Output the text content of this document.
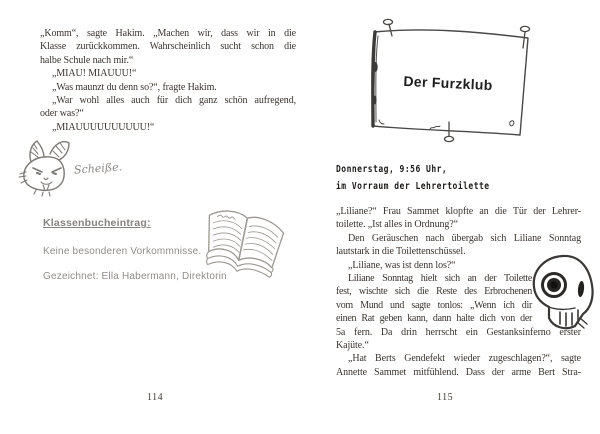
„Komm“, sagte Hakim. „Machen wir, dass wir in die
Klasse zurückkommen. Wahrscheinlich sucht schon die
halbe Schule nach mir.“
„MIAU! MIAUUU!“
„Was maunzt du denn so?“, fragte Hakim.
„War wohl alles auch für dich ganz schön aufregend,
oder was?“
„MIAUUUUUUUUUU!“
Scheiße.
Klassenbucheintrag:
Keine besonderen Vorkommnisse.
Gezeichnet: Ella Habermann, Direktorin
114
Der Furzklub
Donnerstag, 9:56 Uhr,
im Vorraum der Lehrertoilette
„Liliane?“ Frau Sammet klopfte an die Tür der Lehrer-
toilette. „Ist alles in Ordnung?“
Den Geräuschen nach übergab sich Liliane Sonntag
lautstark in die Toilettenschüssel.
„Liliane, was ist denn los?“
Liliane Sonntag hielt sich an der Toilette
fest, wischte sich die Reste des Erbrochenen
vom Mund und sagte tonlos: „Wenn ich dir
einen Rat geben kann, dann halte dich von der
5a fern. Da drin herrscht ein Gestanksinferno erster
Kajüte.“
„Hat Berts Gendefekt wieder zugeschlagen?“, sagte
Annette Sammet mitfühlend. Dass der arme Bert Stra-
115
